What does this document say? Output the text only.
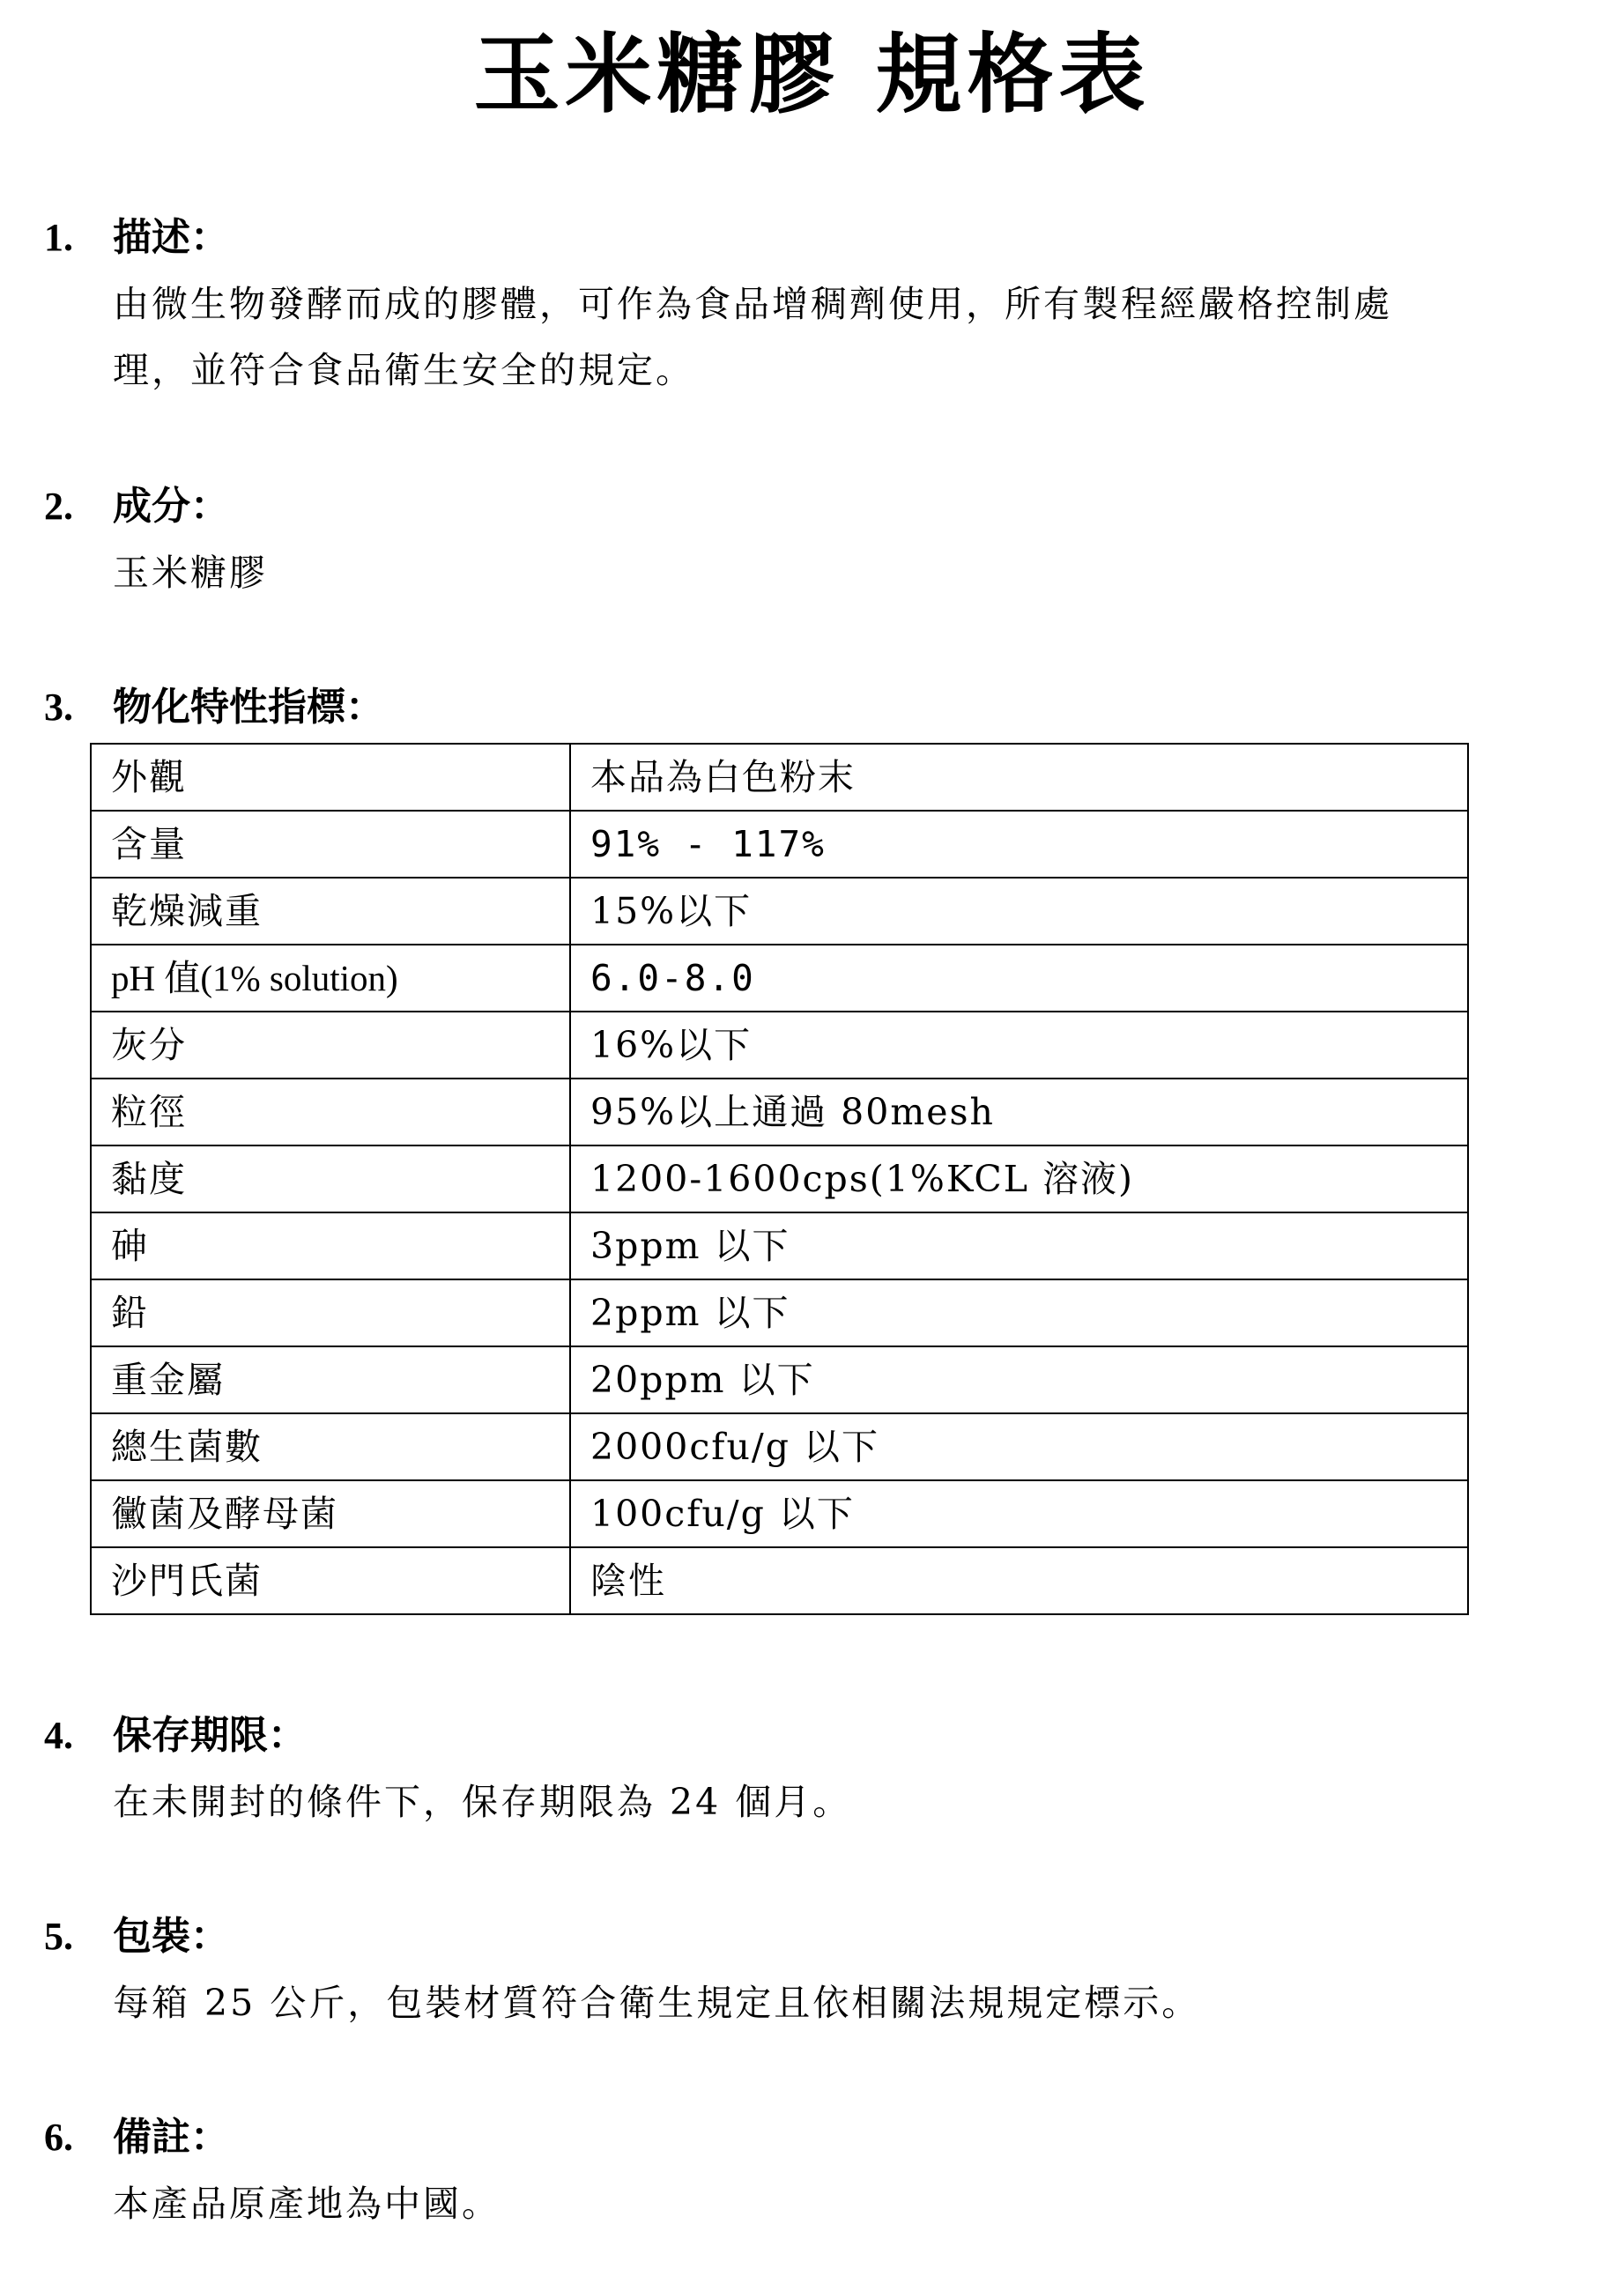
玉米糖膠 規格表
1. 描述：
由微生物發酵而成的膠體，可作為食品增稠劑使用，所有製程經嚴格控制處
理，並符合食品衛生安全的規定。
2. 成分：
玉米糖膠
3. 物化特性指標：
外觀	本品為白色粉末
含量	91% - 117%
乾燥減重	15%以下
pH 值(1% solution)	6.0-8.0
灰分	16%以下
粒徑	95%以上通過 80mesh
黏度	1200-1600cps(1%KCL 溶液)
砷	3ppm 以下
鉛	2ppm 以下
重金屬	20ppm 以下
總生菌數	2000cfu/g 以下
黴菌及酵母菌	100cfu/g 以下
沙門氏菌	陰性
4. 保存期限：
在未開封的條件下，保存期限為 24 個月。
5. 包裝：
每箱 25 公斤，包裝材質符合衛生規定且依相關法規規定標示。
6. 備註：
本產品原產地為中國。
